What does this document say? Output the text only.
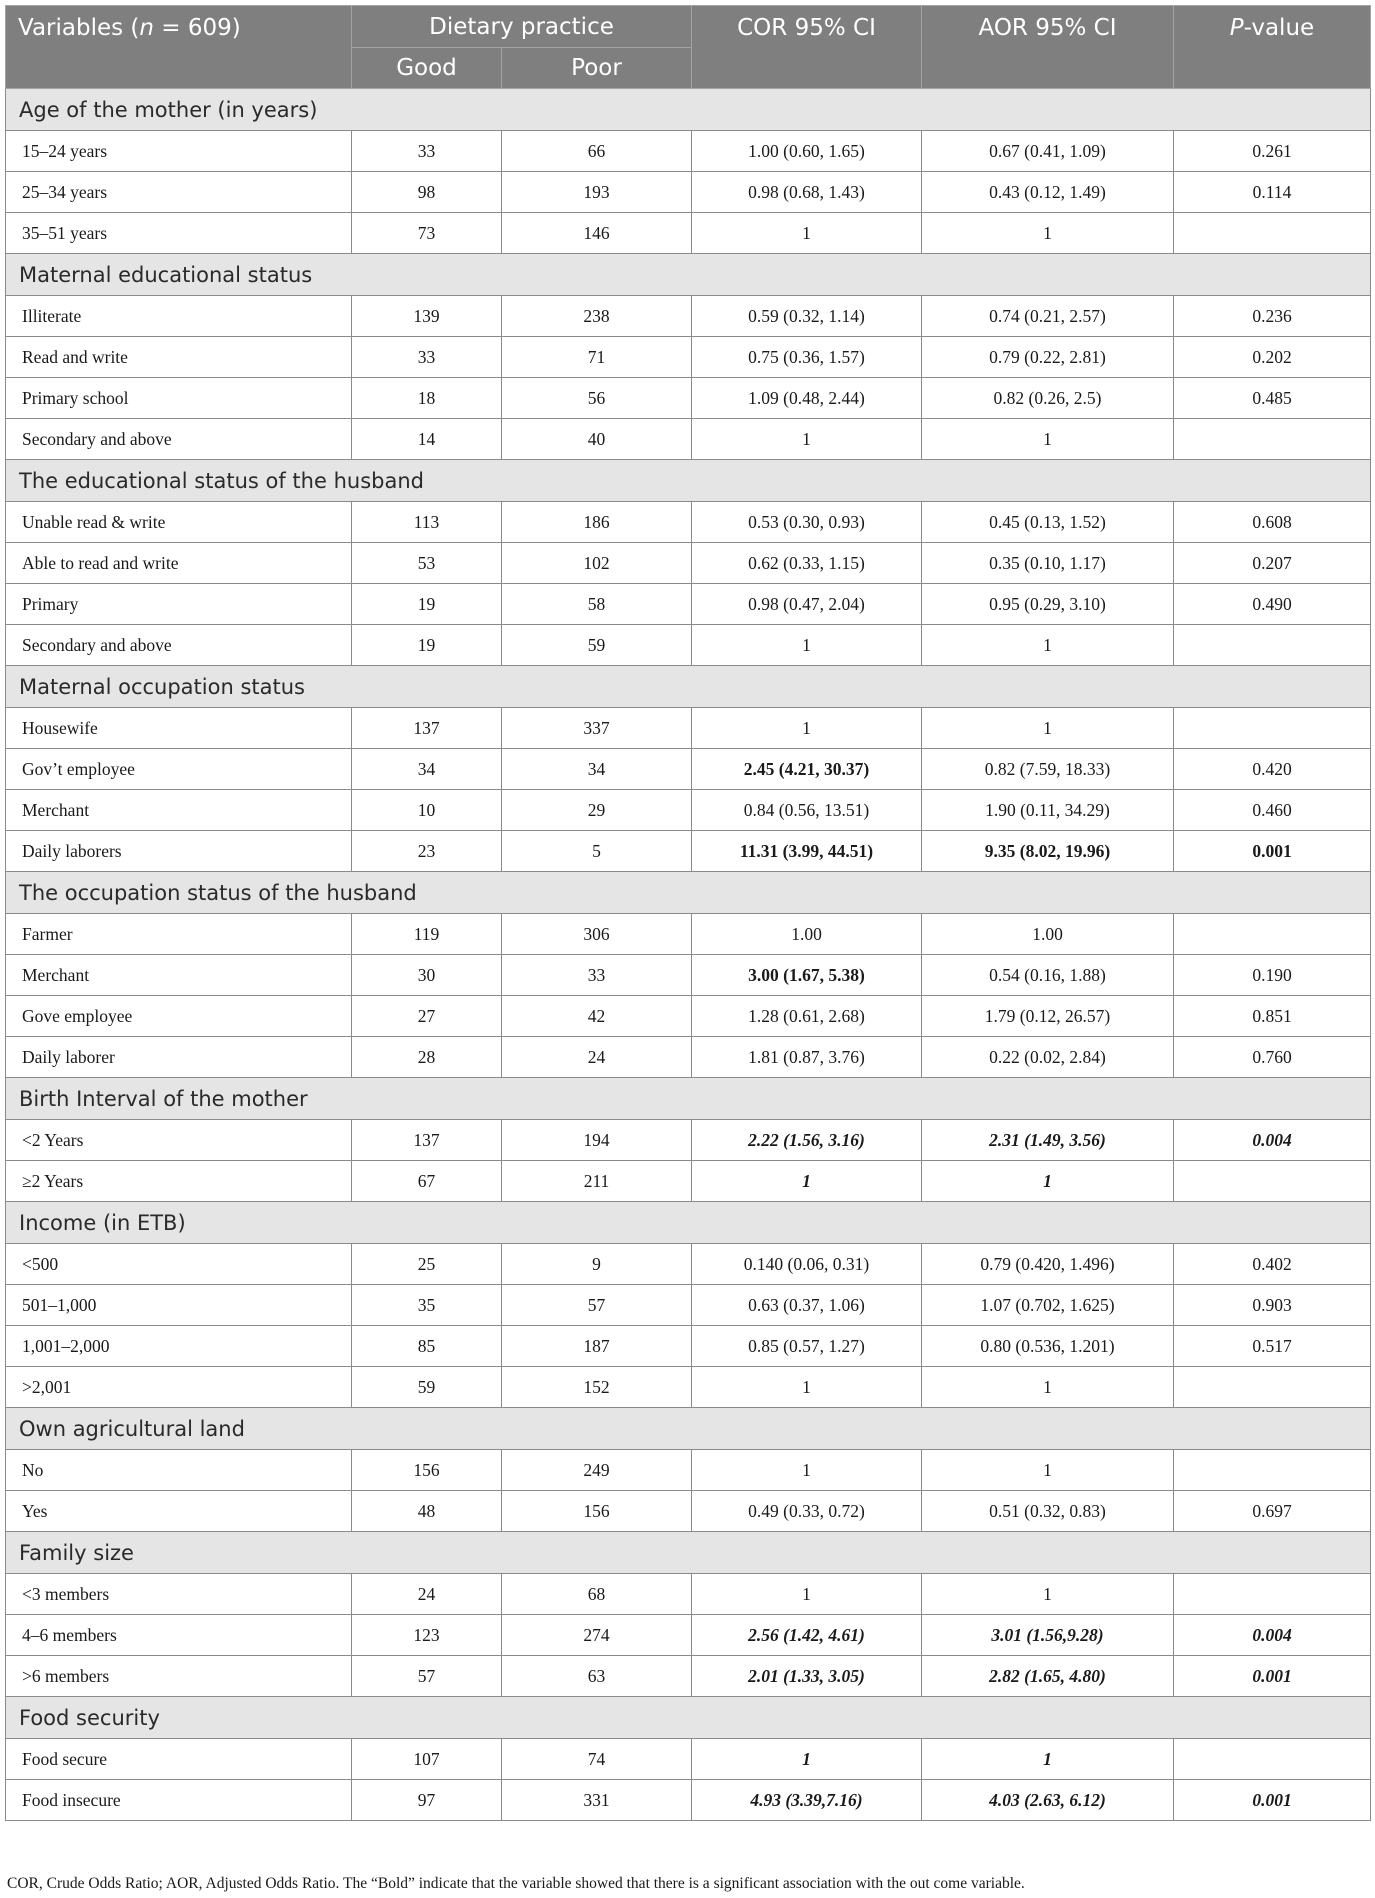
Variables (n = 609)	Dietary practice		COR 95% CI	AOR 95% CI	P-value
	Good	Poor			
Age of the mother (in years)					
15–24 years	33	66	1.00 (0.60, 1.65)	0.67 (0.41, 1.09)	0.261
25–34 years	98	193	0.98 (0.68, 1.43)	0.43 (0.12, 1.49)	0.114
35–51 years	73	146	1	1	
Maternal educational status					
Illiterate	139	238	0.59 (0.32, 1.14)	0.74 (0.21, 2.57)	0.236
Read and write	33	71	0.75 (0.36, 1.57)	0.79 (0.22, 2.81)	0.202
Primary school	18	56	1.09 (0.48, 2.44)	0.82 (0.26, 2.5)	0.485
Secondary and above	14	40	1	1	
The educational status of the husband					
Unable read & write	113	186	0.53 (0.30, 0.93)	0.45 (0.13, 1.52)	0.608
Able to read and write	53	102	0.62 (0.33, 1.15)	0.35 (0.10, 1.17)	0.207
Primary	19	58	0.98 (0.47, 2.04)	0.95 (0.29, 3.10)	0.490
Secondary and above	19	59	1	1	
Maternal occupation status					
Housewife	137	337	1	1	
Gov’t employee	34	34	2.45 (4.21, 30.37)	0.82 (7.59, 18.33)	0.420
Merchant	10	29	0.84 (0.56, 13.51)	1.90 (0.11, 34.29)	0.460
Daily laborers	23	5	11.31 (3.99, 44.51)	9.35 (8.02, 19.96)	0.001
The occupation status of the husband					
Farmer	119	306	1.00	1.00	
Merchant	30	33	3.00 (1.67, 5.38)	0.54 (0.16, 1.88)	0.190
Gove employee	27	42	1.28 (0.61, 2.68)	1.79 (0.12, 26.57)	0.851
Daily laborer	28	24	1.81 (0.87, 3.76)	0.22 (0.02, 2.84)	0.760
Birth Interval of the mother					
<2 Years	137	194	2.22 (1.56, 3.16)	2.31 (1.49, 3.56)	0.004
≥2 Years	67	211	1	1	
Income (in ETB)					
<500	25	9	0.140 (0.06, 0.31)	0.79 (0.420, 1.496)	0.402
501–1,000	35	57	0.63 (0.37, 1.06)	1.07 (0.702, 1.625)	0.903
1,001–2,000	85	187	0.85 (0.57, 1.27)	0.80 (0.536, 1.201)	0.517
>2,001	59	152	1	1	
Own agricultural land					
No	156	249	1	1	
Yes	48	156	0.49 (0.33, 0.72)	0.51 (0.32, 0.83)	0.697
Family size					
<3 members	24	68	1	1	
4–6 members	123	274	2.56 (1.42, 4.61)	3.01 (1.56,9.28)	0.004
>6 members	57	63	2.01 (1.33, 3.05)	2.82 (1.65, 4.80)	0.001
Food security					
Food secure	107	74	1	1	
Food insecure	97	331	4.93 (3.39,7.16)	4.03 (2.63, 6.12)	0.001
COR, Crude Odds Ratio; AOR, Adjusted Odds Ratio. The “Bold” indicate that the variable showed that there is a significant association with the out come variable.
